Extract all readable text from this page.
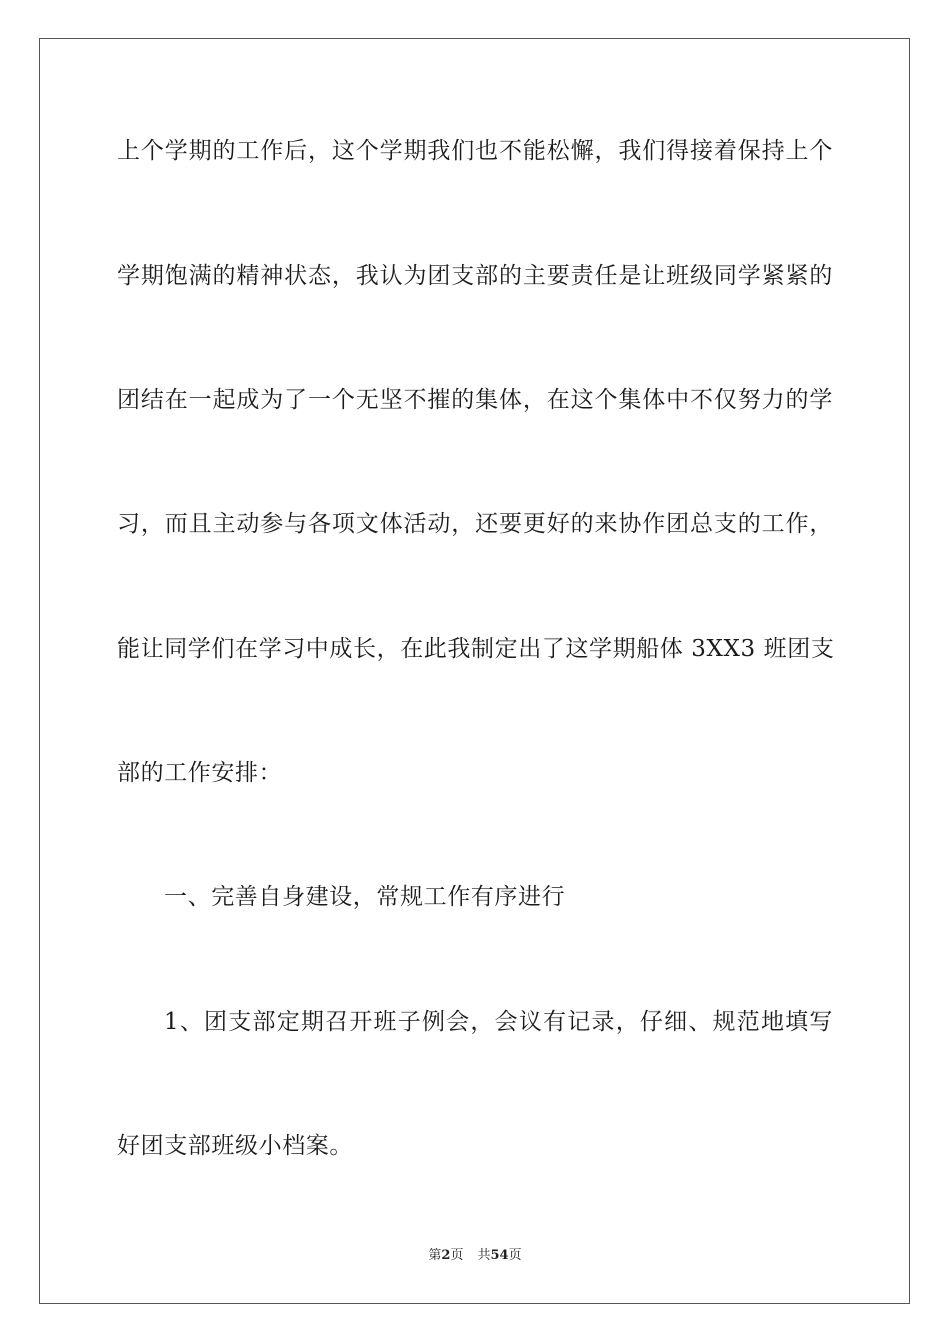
上个学期的工作后，这个学期我们也不能松懈，我们得接着保持上个
学期饱满的精神状态，我认为团支部的主要责任是让班级同学紧紧的
团结在一起成为了一个无坚不摧的集体，在这个集体中不仅努力的学
习，而且主动参与各项文体活动，还要更好的来协作团总支的工作，
能让同学们在学习中成长，在此我制定出了这学期船体 3XX3 班团支
部的工作安排：
一、完善自身建设，常规工作有序进行
1、团支部定期召开班子例会，会议有记录，仔细、规范地填写
好团支部班级小档案。
第2页 共54页
